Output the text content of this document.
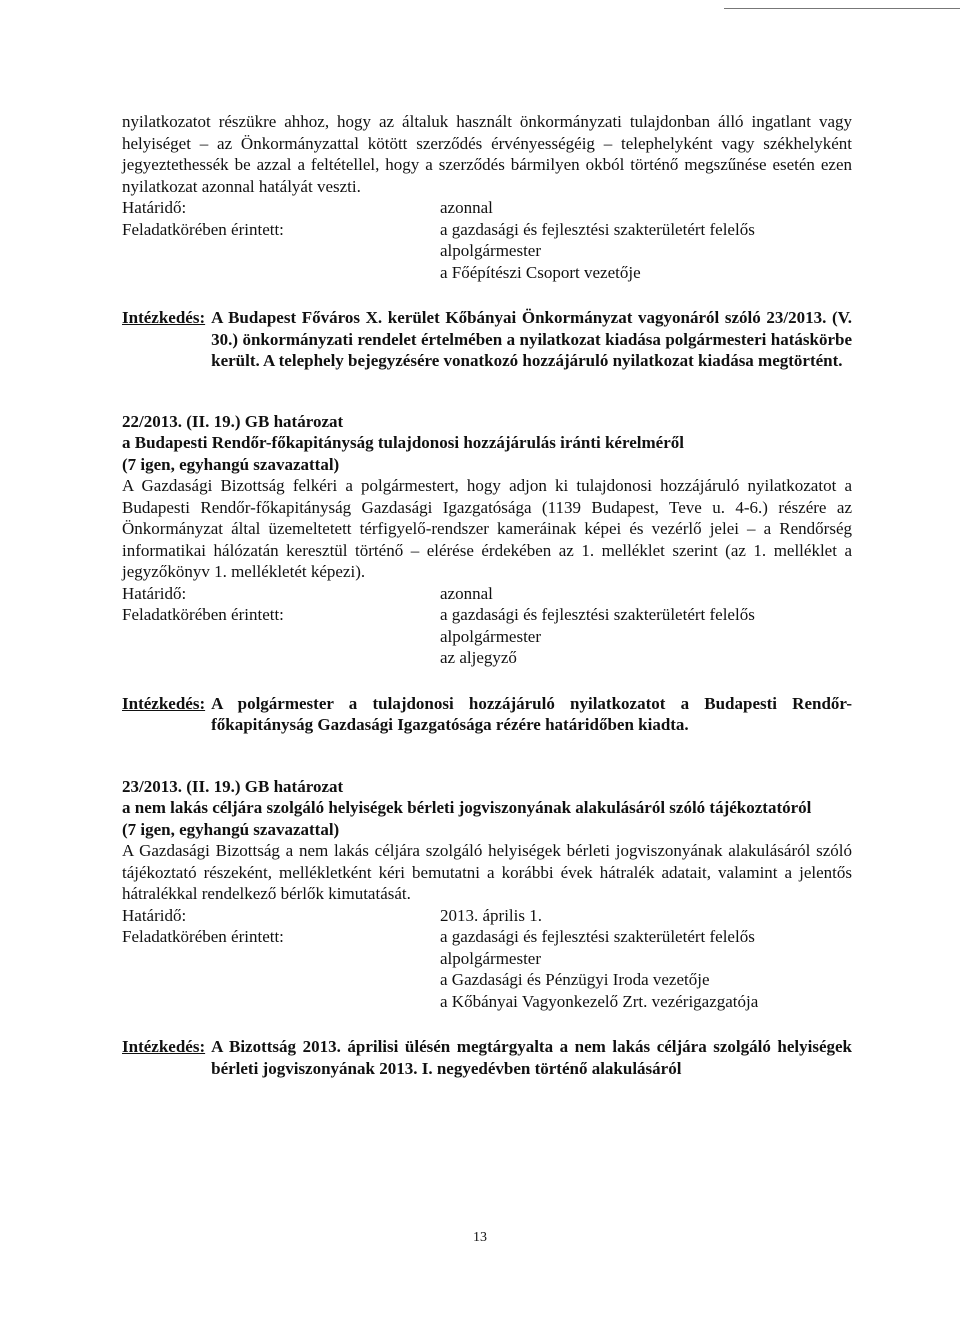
nyilatkozatot részükre ahhoz, hogy az általuk használt önkormányzati tulajdonban álló ingatlant vagy helyiséget – az Önkormányzattal kötött szerződés érvényességéig – telephelyként vagy székhelyként jegyeztethessék be azzal a feltétellel, hogy a szerződés bármilyen okból történő megszűnése esetén ezen nyilatkozat azonnal hatályát veszti.

Határidő:	azonnal
Feladatkörében érintett:	a gazdasági és fejlesztési szakterületért felelős
alpolgármester
a Főépítészi Csoport vezetője
Intézkedés: A Budapest Főváros X. kerület Kőbányai Önkormányzat vagyonáról szóló 23/2013. (V. 30.) önkormányzati rendelet értelmében a nyilatkozat kiadása polgármesteri hatáskörbe került. A telephely bejegyzésére vonatkozó hozzájáruló nyilatkozat kiadása megtörtént.
22/2013. (II. 19.) GB határozat
a Budapesti Rendőr-főkapitányság tulajdonosi hozzájárulás iránti kérelméről
(7 igen, egyhangú szavazattal)

A Gazdasági Bizottság felkéri a polgármestert, hogy adjon ki tulajdonosi hozzájáruló nyilatkozatot a Budapesti Rendőr-főkapitányság Gazdasági Igazgatósága (1139 Budapest, Teve u. 4-6.) részére az Önkormányzat által üzemeltetett térfigyelő-rendszer kameráinak képei és vezérlő jelei – a Rendőrség informatikai hálózatán keresztül történő – elérése érdekében az 1. melléklet szerint (az 1. melléklet a jegyzőkönyv 1. mellékletét képezi).

Határidő:	azonnal
Feladatkörében érintett:	a gazdasági és fejlesztési szakterületért felelős
alpolgármester
az aljegyző
Intézkedés: A polgármester a tulajdonosi hozzájáruló nyilatkozatot a Budapesti Rendőr-főkapitányság Gazdasági Igazgatósága rézére határidőben kiadta.
23/2013. (II. 19.) GB határozat
a nem lakás céljára szolgáló helyiségek bérleti jogviszonyának alakulásáról szóló tájékoztatóról
(7 igen, egyhangú szavazattal)

A Gazdasági Bizottság a nem lakás céljára szolgáló helyiségek bérleti jogviszonyának alakulásáról szóló tájékoztató részeként, mellékletként kéri bemutatni a korábbi évek hátralék adatait, valamint a jelentős hátralékkal rendelkező bérlők kimutatását.

Határidő:	2013. április 1.
Feladatkörében érintett:	a gazdasági és fejlesztési szakterületért felelős
alpolgármester
a Gazdasági és Pénzügyi Iroda vezetője
a Kőbányai Vagyonkezelő Zrt. vezérigazgatója
Intézkedés: A Bizottság 2013. áprilisi ülésén megtárgyalta a nem lakás céljára szolgáló helyiségek bérleti jogviszonyának 2013. I. negyedévben történő alakulásáról
13
